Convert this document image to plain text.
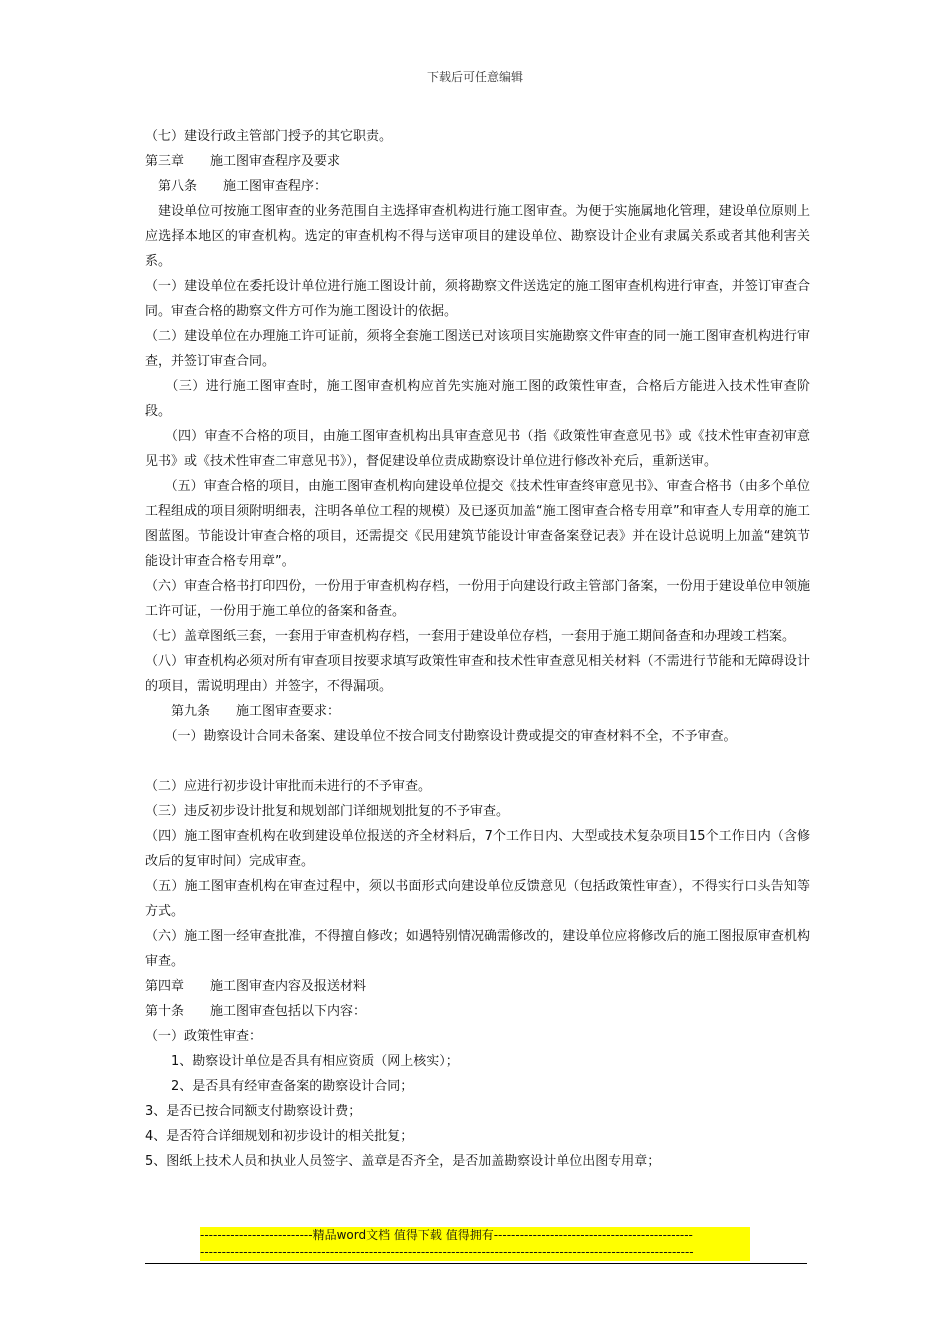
下载后可任意编辑
（七）建设行政主管部门授予的其它职责。
第三章　　施工图审查程序及要求
　第八条　　施工图审查程序：
　建设单位可按施工图审查的业务范围自主选择审查机构进行施工图审查。为便于实施属地化管理，建设单位原则上应选择本地区的审查机构。选定的审查机构不得与送审项目的建设单位、勘察设计企业有隶属关系或者其他利害关系。
（一）建设单位在委托设计单位进行施工图设计前，须将勘察文件送选定的施工图审查机构进行审查，并签订审查合同。审查合格的勘察文件方可作为施工图设计的依据。
（二）建设单位在办理施工许可证前，须将全套施工图送已对该项目实施勘察文件审查的同一施工图审查机构进行审查，并签订审查合同。
　　（三）进行施工图审查时，施工图审查机构应首先实施对施工图的政策性审查，合格后方能进入技术性审查阶段。
　　（四）审查不合格的项目，由施工图审查机构出具审查意见书（指《政策性审查意见书》或《技术性审查初审意见书》或《技术性审查二审意见书》），督促建设单位责成勘察设计单位进行修改补充后，重新送审。
　　（五）审查合格的项目，由施工图审查机构向建设单位提交《技术性审查终审意见书》、审查合格书（由多个单位工程组成的项目须附明细表，注明各单位工程的规模）及已逐页加盖“施工图审查合格专用章”和审查人专用章的施工图蓝图。节能设计审查合格的项目，还需提交《民用建筑节能设计审查备案登记表》并在设计总说明上加盖“建筑节能设计审查合格专用章”。
（六）审查合格书打印四份，一份用于审查机构存档，一份用于向建设行政主管部门备案，一份用于建设单位申领施工许可证，一份用于施工单位的备案和备查。
（七）盖章图纸三套，一套用于审查机构存档，一套用于建设单位存档，一套用于施工期间备查和办理竣工档案。
（八）审查机构必须对所有审查项目按要求填写政策性审查和技术性审查意见相关材料（不需进行节能和无障碍设计的项目，需说明理由）并签字，不得漏项。
　　第九条　　施工图审查要求：
　　（一）勘察设计合同未备案、建设单位不按合同支付勘察设计费或提交的审查材料不全，不予审查。
（二）应进行初步设计审批而未进行的不予审查。
（三）违反初步设计批复和规划部门详细规划批复的不予审查。
（四）施工图审查机构在收到建设单位报送的齐全材料后，7个工作日内、大型或技术复杂项目15个工作日内（含修改后的复审时间）完成审查。
（五）施工图审查机构在审查过程中，须以书面形式向建设单位反馈意见（包括政策性审查），不得实行口头告知等方式。
（六）施工图一经审查批准，不得擅自修改；如遇特别情况确需修改的，建设单位应将修改后的施工图报原审查机构审查。
第四章　　施工图审查内容及报送材料
第十条　　施工图审查包括以下内容：
（一）政策性审查：
　　1、勘察设计单位是否具有相应资质（网上核实）；
　　2、是否具有经审查备案的勘察设计合同；
3、是否已按合同额支付勘察设计费；
4、是否符合详细规划和初步设计的相关批复；
5、图纸上技术人员和执业人员签字、盖章是否齐全，是否加盖勘察设计单位出图专用章；
--------------------------精品word文档 值得下载 值得拥有----------------------------------------------
------------------------------------------------------------------------------------------------------------------
